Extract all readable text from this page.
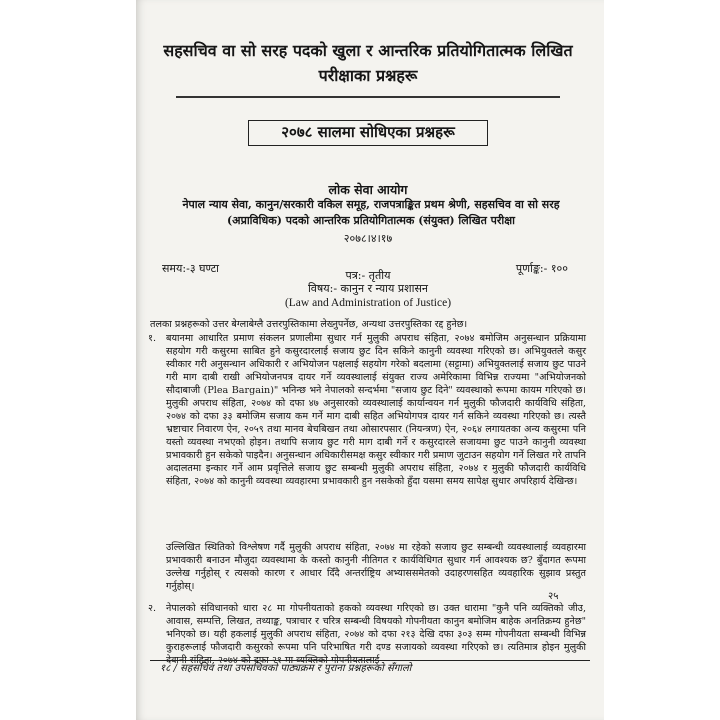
सहसचिव वा सो सरह पदको खुला र आन्तरिक प्रतियोगितात्मक लिखित परीक्षाका प्रश्नहरू
२०७८ सालमा सोधिएका प्रश्नहरू
लोक सेवा आयोग
नेपाल न्याय सेवा, कानुन/सरकारी वकिल समूह, राजपत्राङ्कित प्रथम श्रेणी, सहसचिव वा सो सरह (अप्राविधिक) पदको आन्तरिक प्रतियोगितात्मक (संयुक्त) लिखित परीक्षा
२०७८।४।१७
समय:-३ घण्टा	पूर्णाङ्क:- १००
पत्र:- तृतीय
विषय:- कानुन र न्याय प्रशासन
(Law and Administration of Justice)
तलका प्रश्नहरूको उत्तर बेग्लाबेग्लै उत्तरपुस्तिकामा लेख्नुपर्नेछ, अन्यथा उत्तरपुस्तिका रद्द हुनेछ।
१. बयानमा आधारित प्रमाण संकलन प्रणालीमा सुधार गर्न मुलुकी अपराध संहिता, २०७४ बमोजिम अनुसन्धान प्रक्रियामा सहयोग गरी कसुरमा साबित हुने कसुरदारलाई सजाय छुट दिन सकिने कानुनी व्यवस्था गरिएको छ। अभियुक्तले कसुर स्वीकार गरी अनुसन्धान अधिकारी र अभियोजन पक्षलाई सहयोग गरेको बदलामा (सट्टामा) अभियुक्तलाई सजाय छुट पाउने गरी माग दाबी राखी अभियोजनपत्र दायर गर्ने व्यवस्थालाई संयुक्त राज्य अमेरिकामा विभिन्न राज्यमा "अभियोजनको सौदाबाजी (Plea Bargain)" भनिन्छ भने नेपालको सन्दर्भमा "सजाय छुट दिने" व्यवस्थाको रूपमा कायम गरिएको छ। मुलुकी अपराध संहिता, २०७४ को दफा ४७ अनुसारको व्यवस्थालाई कार्यान्वयन गर्न मुलुकी फौजदारी कार्यविधि संहिता, २०७४ को दफा ३३ बमोजिम सजाय कम गर्ने माग दाबी सहित अभियोगपत्र दायर गर्न सकिने व्यवस्था गरिएको छ। त्यस्तै भ्रष्टाचार निवारण ऐन, २०५९ तथा मानव बेचबिखन तथा ओसारपसार (नियन्त्रण) ऐन, २०६४ लगायतका अन्य कसुरमा पनि यस्तो व्यवस्था नभएको होइन। तथापि सजाय छुट गरी माग दाबी गर्ने र कसुरदारले सजायमा छुट पाउने कानुनी व्यवस्था प्रभावकारी हुन सकेको पाइदैन। अनुसन्धान अधिकारीसमक्ष कसुर स्वीकार गरी प्रमाण जुटाउन सहयोग गर्ने लिखत गरे तापनि अदालतमा इन्कार गर्ने आम प्रवृत्तिले सजाय छुट सम्बन्धी मुलुकी अपराध संहिता, २०७४ र मुलुकी फौजदारी कार्यविधि संहिता, २०७४ को कानुनी व्यवस्था व्यवहारमा प्रभावकारी हुन नसकेको हुँदा यसमा समय सापेक्ष सुधार अपरिहार्य देखिन्छ।
उल्लिखित स्थितिको विश्लेषण गर्दै मुलुकी अपराध संहिता, २०७४ मा रहेको सजाय छुट सम्बन्धी व्यवस्थालाई व्यवहारमा प्रभावकारी बनाउन मौजुदा व्यवस्थामा के कस्तो कानुनी नीतिगत र कार्यविधिगत सुधार गर्न आवश्यक छ? बुँदागत रूपमा उल्लेख गर्नुहोस् र त्यसको कारण र आधार दिँदै अन्तर्राष्ट्रिय अभ्याससमेतको उदाहरणसहित व्यवहारिक सुझाव प्रस्तुत गर्नुहोस्।
२५
२. नेपालको संविधानको धारा २८ मा गोपनीयताको हकको व्यवस्था गरिएको छ। उक्त धारामा "कुनै पनि व्यक्तिको जीउ, आवास, सम्पत्ति, लिखत, तथ्याङ्क, पत्राचार र चरित्र सम्बन्धी विषयको गोपनीयता कानुन बमोजिम बाहेक अनतिक्रम्य हुनेछ" भनिएको छ। यही हकलाई मुलुकी अपराध संहिता, २०७४ को दफा २१३ देखि दफा ३०३ सम्म गोपनीयता सम्बन्धी विभिन्न कुराहरूलाई फौजदारी कसुरको रूपमा पनि परिभाषित गरी दण्ड सजायको व्यवस्था गरिएको छ। त्यतिमात्र होइन मुलुकी देवानी संहिता, २०७४ को दफा २१ मा व्यक्तिको गोपनीयतालाई
१८ / सहसचिव तथा उपसचिवको पाठ्यक्रम र पुराना प्रश्नहरूको सँगालो
